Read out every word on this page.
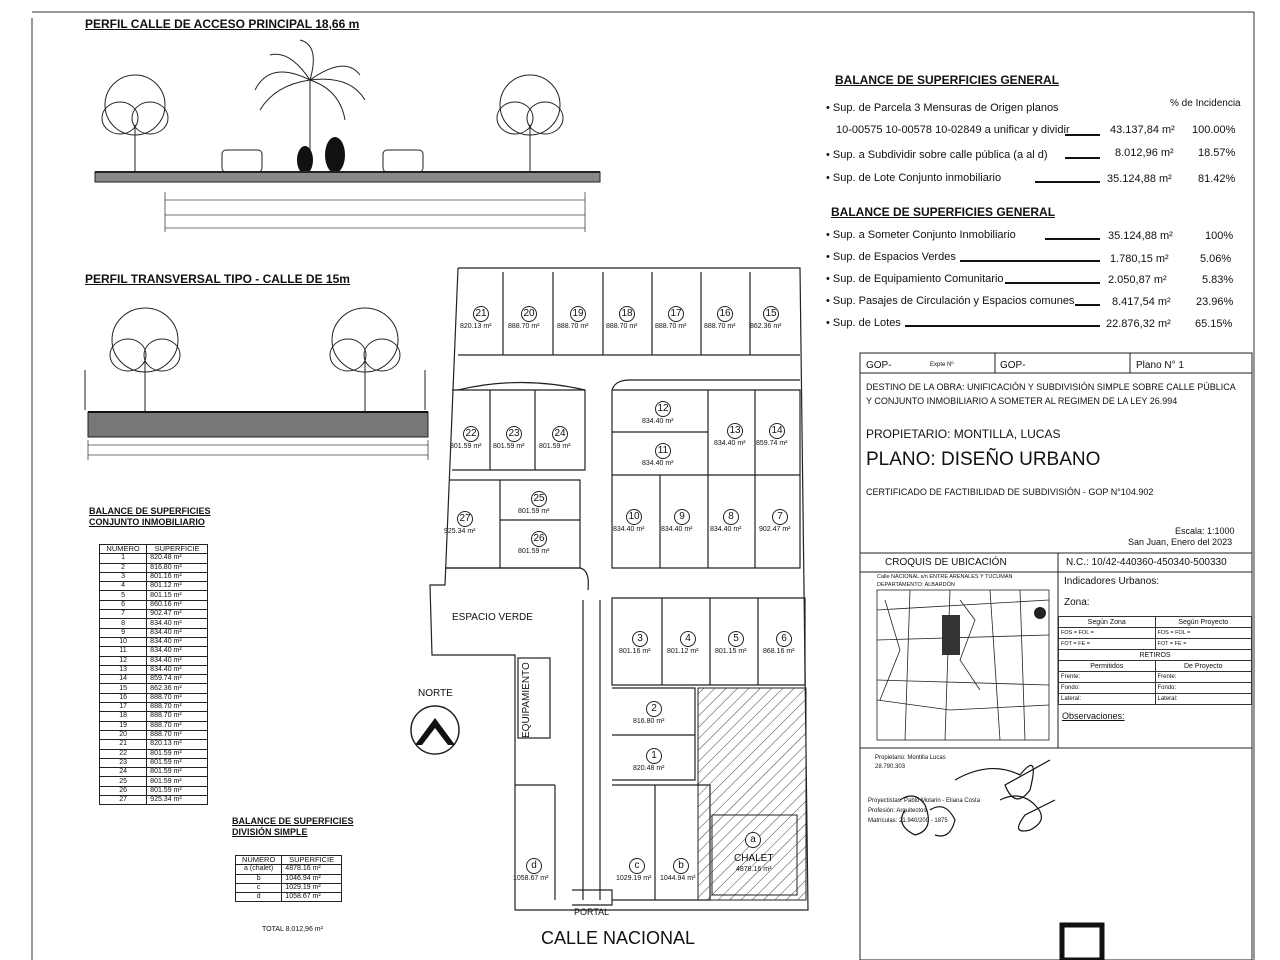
PERFIL CALLE DE ACCESO PRINCIPAL 18,66 m
PERFIL TRANSVERSAL TIPO - CALLE DE 15m
BALANCE DE SUPERFICIES GENERAL
% de Incidencia
• Sup. de Parcela 3 Mensuras de Origen planos
10-00575 10-00578 10-02849 a unificar y dividir	43.137,84 m² 100.00%
• Sup. a Subdividir sobre calle pública (a al d)	8.012,96 m² 18.57%
• Sup. de Lote Conjunto inmobiliario	35.124,88 m² 81.42%
BALANCE DE SUPERFICIES GENERAL
• Sup. a Someter Conjunto Inmobiliario	35.124,88 m²	100%
• Sup. de Espacios Verdes	1.780,15 m²	5.06%
• Sup. de Equipamiento Comunitario	2.050,87 m²	5.83%
• Sup. Pasajes de Circulación y Espacios comunes	8.417,54 m² 23.96%
• Sup. de Lotes	22.876,32 m² 65.15%
GOP-	Expte Nº	GOP-	Plano N° 1
DESTINO DE LA OBRA: UNIFICACIÓN Y SUBDIVISIÓN SIMPLE SOBRE CALLE PÚBLICA
Y CONJUNTO INMOBILIARIO A SOMETER AL REGIMEN DE LA LEY 26.994
PROPIETARIO: MONTILLA, LUCAS
PLANO: DISEÑO URBANO
CERTIFICADO DE FACTIBILIDAD DE SUBDIVISIÓN - GOP N°104.902
Escala: 1:1000
San Juan, Enero del 2023
CROQUIS DE UBICACIÓN	N.C.: 10/42-440360-450340-500330
Calle NACIONAL s/n ENTRE ARENALES Y TUCUMAN
DEPARTAMENTO: ALBARDÓN	Indicadores Urbanos:
Zona:
Según Zona	Según Proyecto
FOS = FOL =	FOS = FOL =
FOT = FE =	FOT = FE =
RETIROS	
Permitidos	De Proyecto
Frente:	Frente:
Fondo:	Fondo:
Lateral:	Lateral:
Observaciones:
Propietario: Montilla Lucas
28.790.303
Proyectistas: Pablo Molarin - Eliana Costa
Profesión: Arquitectos
Matrículas: 21.940/200 - 1875
BALANCE DE SUPERFICIES
CONJUNTO INMOBILIARIO
NUMERO	SUPERFICIE
1	820.48 m²
2	816.80 m²
3	801.16 m²
4	801.12 m²
5	801.15 m²
6	860.16 m²
7	902.47 m²
8	834.40 m²
9	834.40 m²
10	834.40 m²
11	834.40 m²
12	834.40 m²
13	834.40 m²
14	859.74 m²
15	862.36 m²
16	888.70 m²
17	888.70 m²
18	888.70 m²
19	888.70 m²
20	888.70 m²
21	820.13 m²
22	801.59 m²
23	801.59 m²
24	801.59 m²
25	801.59 m²
26	801.59 m²
27	925.34 m²
BALANCE DE SUPERFICIES
DIVISIÓN SIMPLE
NUMERO	SUPERFICIE
a (chalet)	4878.16 m²
b	1046.94 m²
c	1029.19 m²
d	1058.67 m²
TOTAL 8.012,96 m²
ESPACIO VERDE
EQUIPAMIENTO
NORTE
PORTAL
CHALET
4878.16 m²
a
CALLE NACIONAL
21
820.13 m²
20
888.70 m²
19
888.70 m²
18
888.70 m²
17
888.70 m²
16
888.70 m²
15
862.36 m²
22
801.59 m²
23
801.59 m²
24
801.59 m²
12
834.40 m²
11
834.40 m²
13
834.40 m²
14
859.74 m²
25
801.59 m²
26
801.59 m²
27
925.34 m²
10
834.40 m²
9
834.40 m²
8
834.40 m²
7
902.47 m²
3
801.16 m²
4
801.12 m²
5
801.15 m²
6
868.16 m²
2
816.80 m²
1
820.48 m²
d
1058.67 m²
c
1029.19 m²
b
1044.94 m²
